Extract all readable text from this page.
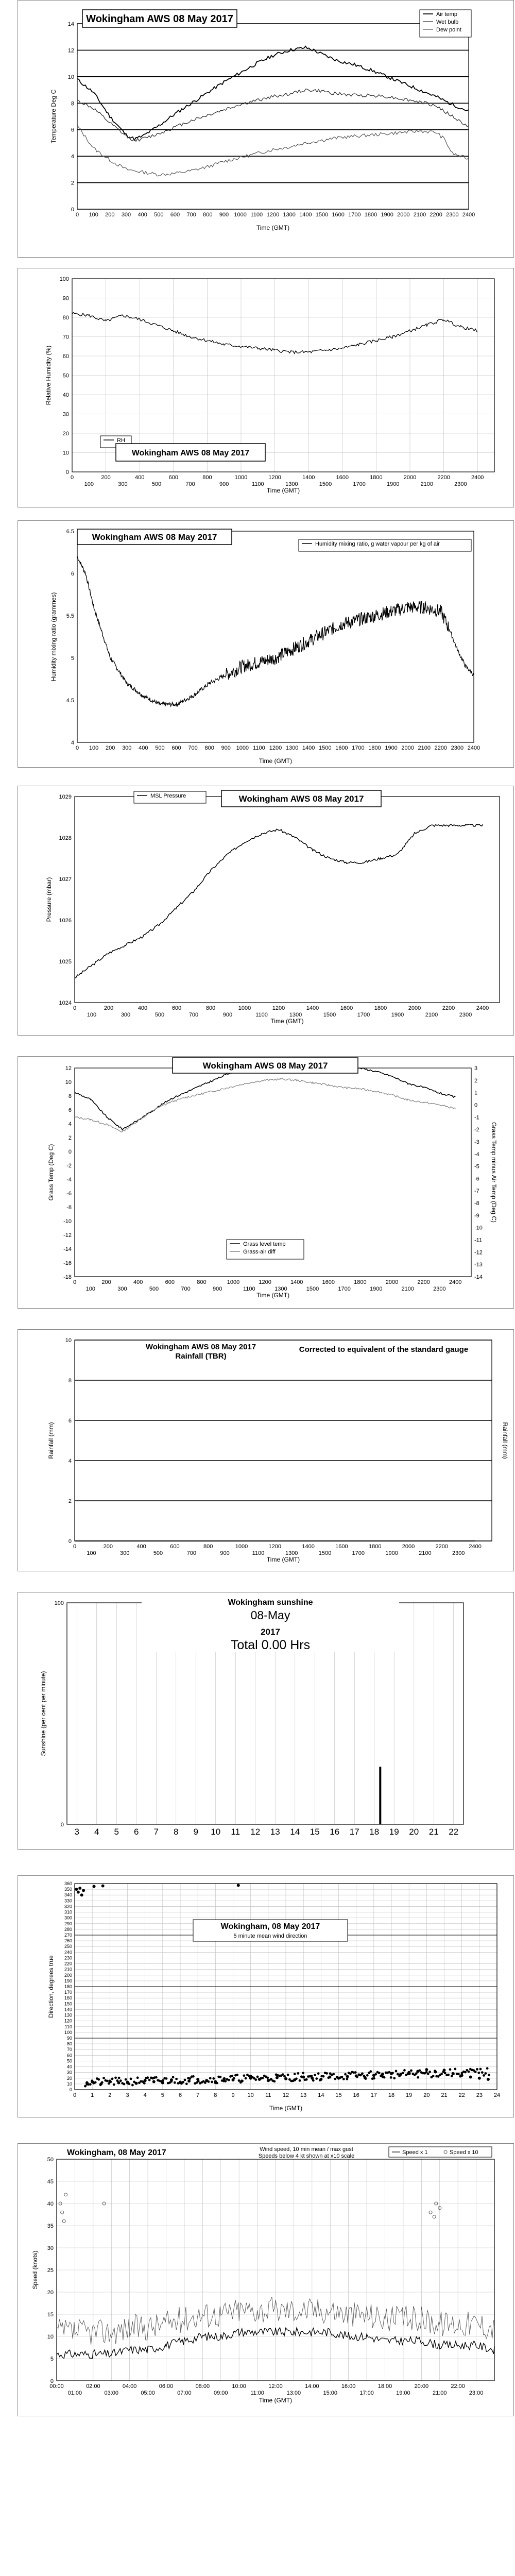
0
2
4
6
8
10
12
14
0 100 200 300 400 500 600 700 800 900 1000 1100 1200 1300 1400 1500 1600 1700 1800 1900 2000 2100 2200 2300 2400
Time (GMT)
Temperature Deg C
Wokingham AWS 08 May 2017	Air temp
Wet bulb
Dew point
0
10
20
30
40
50
60
70
80
90
100
0	200	400	600	800	1000	1200	1400	1600	1800	2000	2200	2400
100	300	500	700	900	1100	1300	1500	1700	1900	2100	2300
Time (GMT)
Relative Humidity (%)
RH
Wokingham AWS 08 May 2017
4
4.5
5
5.5
6
6.5
0 100 200 300 400 500 600 700 800 900 1000 1100 1200 1300 1400 1500 1600 1700 1800 1900 2000 2100 2200 2300 2400
Time (GMT)
Humidity mixing ratio (grammes)
Wokingham AWS 08 May 2017
Humidity mixing ratio, g water vapour per kg of air
1024
1025
1026
1027
1028
1029
0	200	400	600	800	1000	1200	1400	1600	1800	2000	2200	2400
100	300	500	700	900	1100	1300	1500	1700	1900	2100	2300
Time (GMT)
Pressure (mbar)
MSL Pressure	Wokingham AWS 08 May 2017
-18
-16
-14
-12
-10
-8
-6
-4
-2
0
2
4
6
8
10
12
-14
-13
-12
-11
-10
-9
-8
-7
-6
-5
-4
-3
-2
-1
0
1
2
3
0	200	400	600	800	1000	1200	1400	1600	1800	2000	2200	2400
100	300	500	700	900	1100	1300	1500	1700	1900	2100	2300
Time (GMT)
Grass Temp (Deg C)	Grass Temp minus Air Temp (Deg C)
Wokingham AWS 08 May 2017
Grass level temp
Grass-air diff
0
2
4
6
8
10
0	200	400	600	800	1000	1200	1400	1600	1800	2000	2200	2400
100	300	500	700	900	1100	1300	1500	1700	1900	2100	2300
Time (GMT)
Rainfall (mm)	Rainfall (mm)
Wokingham AWS 08 May 2017
Rainfall (TBR)
Corrected to equivalent of the standard gauge
0
100
3 4 5 6 7 8 9 10 11 12 13 14 15 16 17 18 19 20 21 22
Sunshine (per cent per minute)
Wokingham sunshine
08-May
2017
Total 0.00 Hrs
0
10
20
30
40
50
60
70
80
90
100
110
120
130
140
150
160
170
180
190
200
210
220
230
240
250
260
270
280
290
300
310
320
330
340
350
360
0	1	2	3	4	5	6	7	8	9 10 11 12 13 14 15 16 17 18 19 20 21 22 23 24
Time (GMT)
Direction, degrees true
Wokingham, 08 May 2017
5 minute mean wind direction
0
5
10
15
20
25
30
35
40
45
50
00:00	02:00	04:00	06:00	08:00	10:00	12:00	14:00	16:00	18:00	20:00	22:00
01:00	03:00	05:00	07:00	09:00	11:00	13:00	15:00	17:00	19:00	21:00	23:00
Time (GMT)
Speed (knots)
Wokingham, 08 May 2017	Wind speed, 10 min mean / max gust
Speeds below 4 kt shown at x10 scale
Speed x 1	Speed x 10
